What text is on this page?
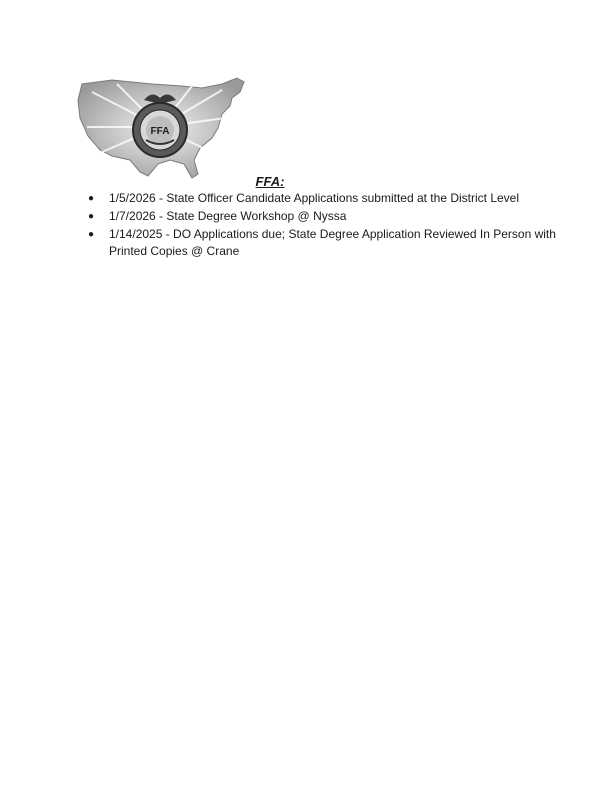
FFA
FFA:
● 1/5/2026 - State Officer Candidate Applications submitted at the District Level
● 1/7/2026 - State Degree Workshop @ Nyssa
● 1/14/2025 - DO Applications due; State Degree Application Reviewed In Person with Printed Copies @ Crane
